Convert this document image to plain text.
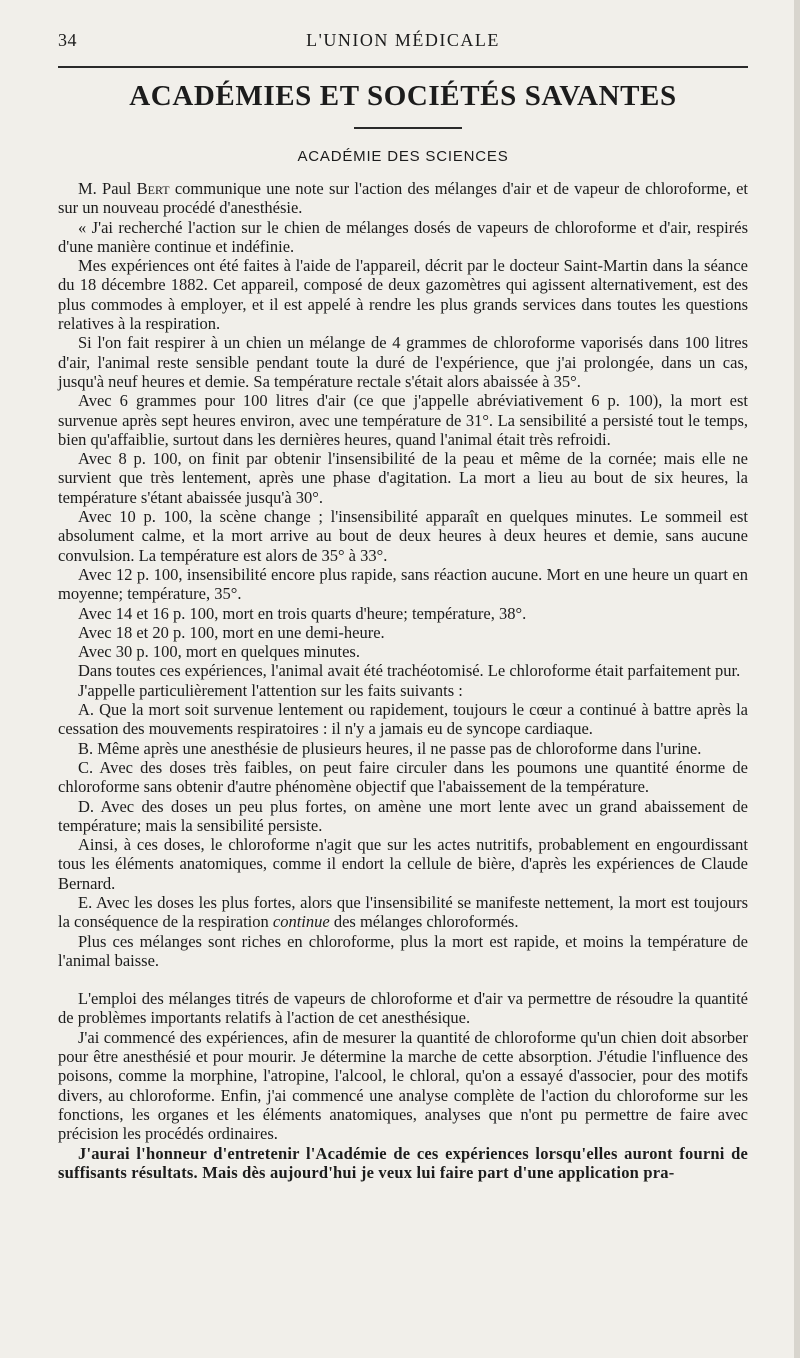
34	L'UNION MÉDICALE
ACADÉMIES ET SOCIÉTÉS SAVANTES
ACADÉMIE DES SCIENCES

M. Paul Bert communique une note sur l'action des mélanges d'air et de vapeur de chloroforme, et sur un nouveau procédé d'anesthésie.

« J'ai recherché l'action sur le chien de mélanges dosés de vapeurs de chloroforme et d'air, respirés d'une manière continue et indéfinie.

Mes expériences ont été faites à l'aide de l'appareil, décrit par le docteur Saint-Martin dans la séance du 18 décembre 1882. Cet appareil, composé de deux gazomètres qui agissent alternativement, est des plus commodes à employer, et il est appelé à rendre les plus grands services dans toutes les questions relatives à la respiration.

Si l'on fait respirer à un chien un mélange de 4 grammes de chloroforme vaporisés dans 100 litres d'air, l'animal reste sensible pendant toute la duré de l'expérience, que j'ai prolongée, dans un cas, jusqu'à neuf heures et demie. Sa température rectale s'était alors abaissée à 35°.

Avec 6 grammes pour 100 litres d'air (ce que j'appelle abréviativement 6 p. 100), la mort est survenue après sept heures environ, avec une température de 31°. La sensibilité a persisté tout le temps, bien qu'affaiblie, surtout dans les dernières heures, quand l'animal était très refroidi.

Avec 8 p. 100, on finit par obtenir l'insensibilité de la peau et même de la cornée; mais elle ne survient que très lentement, après une phase d'agitation. La mort a lieu au bout de six heures, la température s'étant abaissée jusqu'à 30°.

Avec 10 p. 100, la scène change ; l'insensibilité apparaît en quelques minutes. Le sommeil est absolument calme, et la mort arrive au bout de deux heures à deux heures et demie, sans aucune convulsion. La température est alors de 35° à 33°.

Avec 12 p. 100, insensibilité encore plus rapide, sans réaction aucune. Mort en une heure un quart en moyenne; température, 35°.

Avec 14 et 16 p. 100, mort en trois quarts d'heure; température, 38°.

Avec 18 et 20 p. 100, mort en une demi-heure.

Avec 30 p. 100, mort en quelques minutes.

Dans toutes ces expériences, l'animal avait été trachéotomisé. Le chloroforme était parfaitement pur.

J'appelle particulièrement l'attention sur les faits suivants :

A. Que la mort soit survenue lentement ou rapidement, toujours le cœur a continué à battre après la cessation des mouvements respiratoires : il n'y a jamais eu de syncope cardiaque.

B. Même après une anesthésie de plusieurs heures, il ne passe pas de chloroforme dans l'urine.

C. Avec des doses très faibles, on peut faire circuler dans les poumons une quantité énorme de chloroforme sans obtenir d'autre phénomène objectif que l'abaissement de la température.

D. Avec des doses un peu plus fortes, on amène une mort lente avec un grand abaissement de température; mais la sensibilité persiste.

Ainsi, à ces doses, le chloroforme n'agit que sur les actes nutritifs, probablement en engourdissant tous les éléments anatomiques, comme il endort la cellule de bière, d'après les expériences de Claude Bernard.

E. Avec les doses les plus fortes, alors que l'insensibilité se manifeste nettement, la mort est toujours la conséquence de la respiration continue des mélanges chloroformés.

Plus ces mélanges sont riches en chloroforme, plus la mort est rapide, et moins la température de l'animal baisse.

L'emploi des mélanges titrés de vapeurs de chloroforme et d'air va permettre de résoudre la quantité de problèmes importants relatifs à l'action de cet anesthésique.

J'ai commencé des expériences, afin de mesurer la quantité de chloroforme qu'un chien doit absorber pour être anesthésié et pour mourir. Je détermine la marche de cette absorption. J'étudie l'influence des poisons, comme la morphine, l'atropine, l'alcool, le chloral, qu'on a essayé d'associer, pour des motifs divers, au chloroforme. Enfin, j'ai commencé une analyse complète de l'action du chloroforme sur les fonctions, les organes et les éléments anatomiques, analyses que n'ont pu permettre de faire avec précision les procédés ordinaires.

J'aurai l'honneur d'entretenir l'Académie de ces expériences lorsqu'elles auront fourni de suffisants résultats. Mais dès aujourd'hui je veux lui faire part d'une application pra-
